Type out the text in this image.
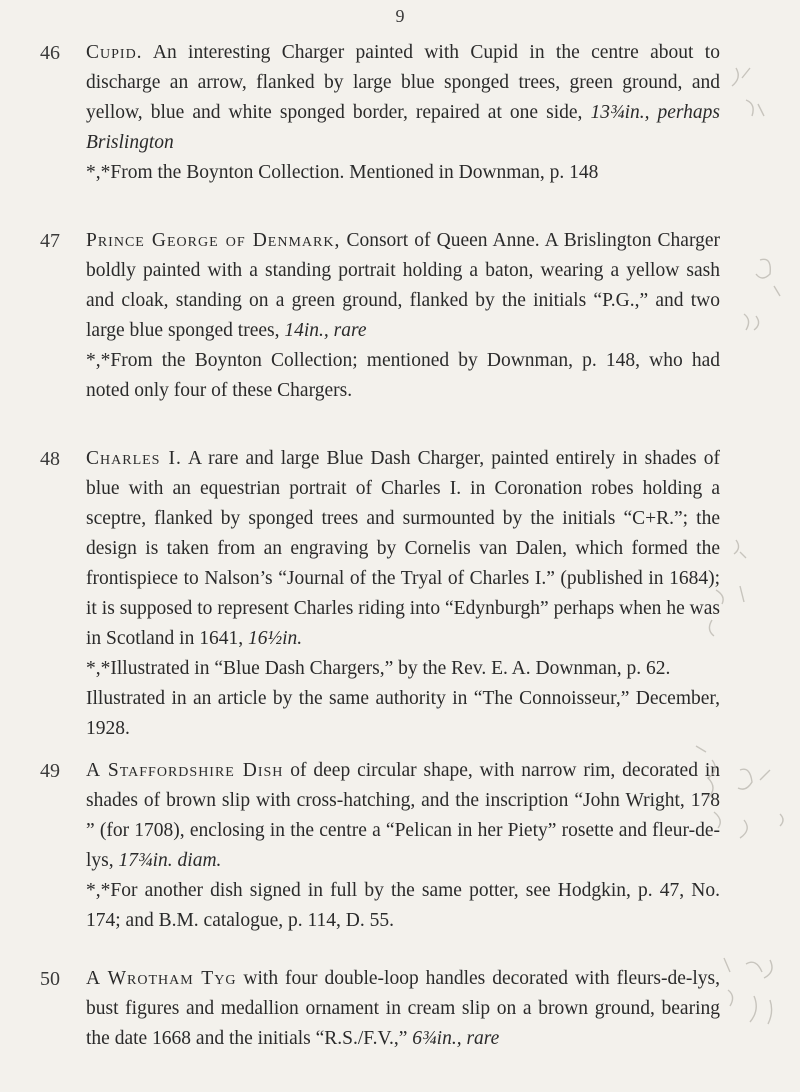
9
46	Cupid. An interesting Charger painted with Cupid in the centre about to discharge an arrow, flanked by large blue sponged trees, green ground, and yellow, blue and white sponged border, repaired at one side, 13¾in., perhaps Brislington

*,*From the Boynton Collection. Mentioned in Downman, p. 148

47	Prince George of Denmark, Consort of Queen Anne. A Brislington Charger boldly painted with a standing portrait holding a baton, wearing a yellow sash and cloak, standing on a green ground, flanked by the initials “P.G.,” and two large blue sponged trees, 14in., rare

*,*From the Boynton Collection; mentioned by Downman, p. 148, who had noted only four of these Chargers.

48	Charles I. A rare and large Blue Dash Charger, painted entirely in shades of blue with an equestrian portrait of Charles I. in Coronation robes holding a sceptre, flanked by sponged trees and surmounted by the initials “C+R.”; the design is taken from an engraving by Cornelis van Dalen, which formed the frontispiece to Nalson’s “Journal of the Tryal of Charles I.” (published in 1684); it is supposed to represent Charles riding into “Edynburgh” perhaps when he was in Scotland in 1641, 16½in.

*,*Illustrated in “Blue Dash Chargers,” by the Rev. E. A. Downman, p. 62.

Illustrated in an article by the same authority in “The Connoisseur,” December, 1928.

49	A Staffordshire Dish of deep circular shape, with narrow rim, decorated in shades of brown slip with cross-hatching, and the inscription “John Wright, 178 ” (for 1708), enclosing in the centre a “Pelican in her Piety” rosette and fleur-de-lys, 17¾in. diam.

*,*For another dish signed in full by the same potter, see Hodgkin, p. 47, No. 174; and B.M. catalogue, p. 114, D. 55.

50	A Wrotham Tyg with four double-loop handles decorated with fleurs-de-lys, bust figures and medallion ornament in cream slip on a brown ground, bearing the date 1668 and the initials “R.S./F.V.,” 6¾in., rare
